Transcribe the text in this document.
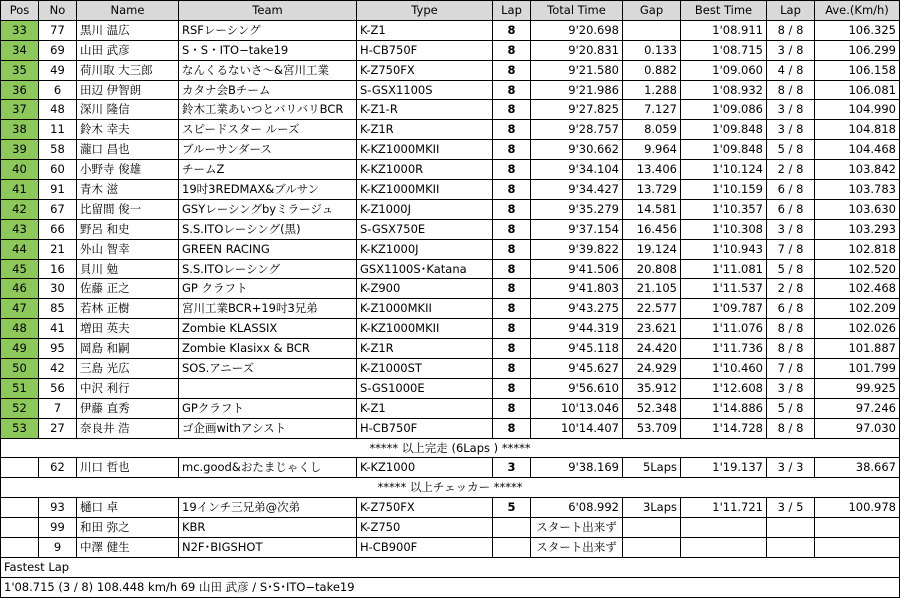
Pos	No	Name	Team	Type	Lap	Total Time	Gap	Best Time	Lap	Ave.(Km/h)
33	77	黒川 温広	RSFレーシング	K-Z1	8	9'20.698		1'08.911	8 / 8	106.325
34	69	山田 武彦	S・S・ITO−take19	H-CB750F	8	9'20.831	0.133	1'08.715	3 / 8	106.299
35	49	荷川取 大三郎	なんくるないさ〜&宮川工業	K-Z750FX	8	9'21.580	0.882	1'09.060	4 / 8	106.158
36	6	田辺 伊智朗	カタナ会Bチーム	S-GSX1100S	8	9'21.986	1.288	1'08.932	8 / 8	106.081
37	48	深川 隆信	鈴木工業あいつとバリバリBCR	K-Z1-R	8	9'27.825	7.127	1'09.086	3 / 8	104.990
38	11	鈴木 幸夫	スピードスター ルーズ	K-Z1R	8	9'28.757	8.059	1'09.848	3 / 8	104.818
39	58	瀧口 昌也	ブルーサンダース	K-KZ1000MKII	8	9'30.662	9.964	1'09.848	5 / 8	104.468
40	60	小野寺 俊雄	チームZ	K-KZ1000R	8	9'34.104	13.406	1'10.124	2 / 8	103.842
41	91	青木 滋	19吋3REDMAX&ブルサン	K-KZ1000MKII	8	9'34.427	13.729	1'10.159	6 / 8	103.783
42	67	比留間 俊一	GSYレーシングbyミラージュ	K-Z1000J	8	9'35.279	14.581	1'10.357	6 / 8	103.630
43	66	野呂 和史	S.S.ITOレーシング(黒)	S-GSX750E	8	9'37.154	16.456	1'10.308	3 / 8	103.293
44	21	外山 智幸	GREEN RACING	K-KZ1000J	8	9'39.822	19.124	1'10.943	7 / 8	102.818
45	16	貝川 勉	S.S.ITOレーシング	GSX1100S･Katana	8	9'41.506	20.808	1'11.081	5 / 8	102.520
46	30	佐藤 正之	GP クラフト	K-Z900	8	9'41.803	21.105	1'11.537	2 / 8	102.468
47	85	若林 正樹	宮川工業BCR+19吋3兄弟	K-Z1000MKII	8	9'43.275	22.577	1'09.787	6 / 8	102.209
48	41	増田 英夫	Zombie KLASSIX	K-KZ1000MKII	8	9'44.319	23.621	1'11.076	8 / 8	102.026
49	95	岡島 和嗣	Zombie Klasixx & BCR	K-Z1R	8	9'45.118	24.420	1'11.736	8 / 8	101.887
50	42	三島 光広	SOS.アニーズ	K-Z1000ST	8	9'45.627	24.929	1'10.460	7 / 8	101.799
51	56	中沢 利行		S-GS1000E	8	9'56.610	35.912	1'12.608	3 / 8	99.925
52	7	伊藤 直秀	GPクラフト	K-Z1	8	10'13.046	52.348	1'14.886	5 / 8	97.246
53	27	奈良井 浩	ゴ企画withアシスト	H-CB750F	8	10'14.407	53.709	1'14.728	8 / 8	97.030
***** 以上完走 (6Laps ) *****										
	62	川口 哲也	mc.good&おたまじゃくし	K-KZ1000	3	9'38.169	5Laps	1'19.137	3 / 3	38.667
***** 以上チェッカー *****										
	93	樋口 卓	19インチ三兄弟@次弟	K-Z750FX	5	6'08.992	3Laps	1'11.721	3 / 5	100.978
	99	和田 弥之	KBR	K-Z750		スタート出来ず				
	9	中澤 健生	N2F･BIGSHOT	H-CB900F		スタート出来ず				
Fastest Lap										
1'08.715 (3 / 8) 108.448 km/h 69 山田 武彦 / S･S･ITO−take19										
